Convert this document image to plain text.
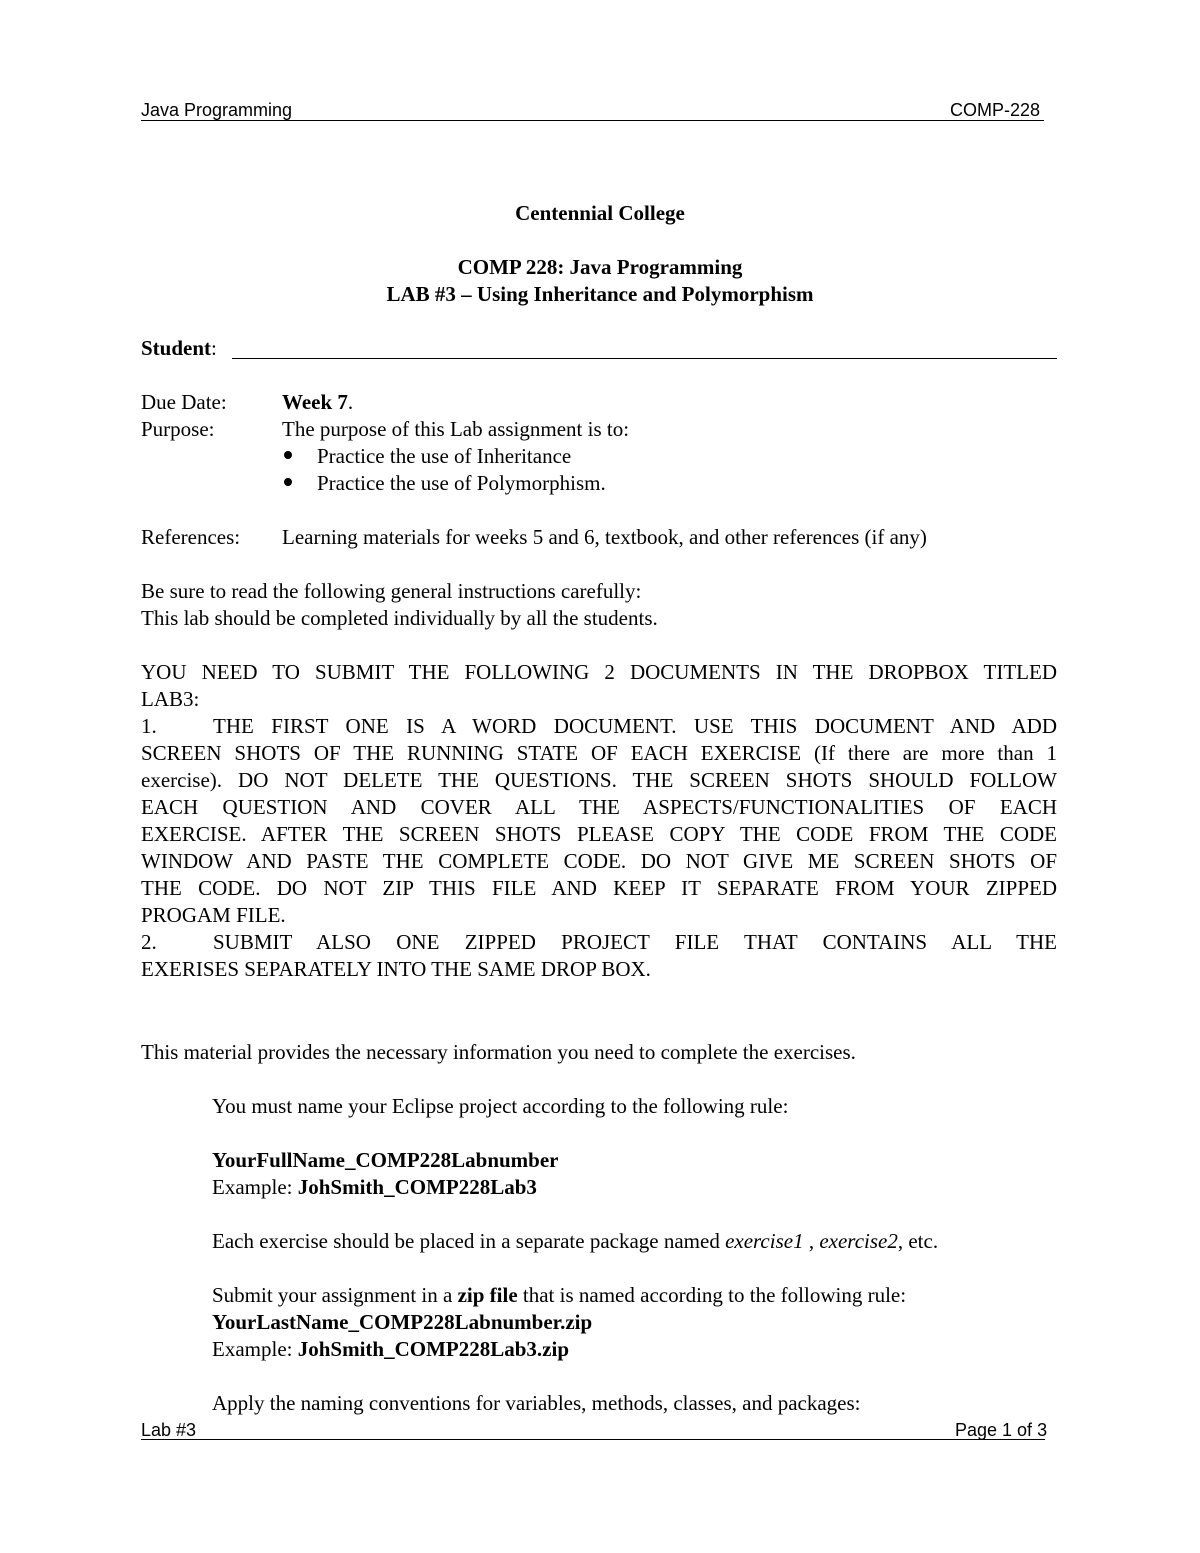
Java Programming	COMP-228
Centennial College
COMP 228: Java Programming
LAB #3 – Using Inheritance and Polymorphism
Student:
Due Date:	Week 7.
Purpose:	The purpose of this Lab assignment is to:
Practice the use of Inheritance
Practice the use of Polymorphism.
References: Learning materials for weeks 5 and 6, textbook, and other references (if any)
Be sure to read the following general instructions carefully:
This lab should be completed individually by all the students.
YOU NEED TO SUBMIT THE FOLLOWING 2 DOCUMENTS IN THE DROPBOX TITLED
LAB3:
1.	THE FIRST ONE IS A WORD DOCUMENT. USE THIS DOCUMENT AND ADD
SCREEN SHOTS OF THE RUNNING STATE OF EACH EXERCISE (If there are more than 1
exercise). DO NOT DELETE THE QUESTIONS. THE SCREEN SHOTS SHOULD FOLLOW
EACH QUESTION AND COVER ALL THE ASPECTS/FUNCTIONALITIES OF EACH
EXERCISE. AFTER THE SCREEN SHOTS PLEASE COPY THE CODE FROM THE CODE
WINDOW AND PASTE THE COMPLETE CODE. DO NOT GIVE ME SCREEN SHOTS OF
THE CODE. DO NOT ZIP THIS FILE AND KEEP IT SEPARATE FROM YOUR ZIPPED
PROGAM FILE.
2.	SUBMIT ALSO ONE ZIPPED PROJECT FILE THAT CONTAINS ALL THE
EXERISES SEPARATELY INTO THE SAME DROP BOX.
This material provides the necessary information you need to complete the exercises.
You must name your Eclipse project according to the following rule:
YourFullName_COMP228Labnumber
Example: JohSmith_COMP228Lab3
Each exercise should be placed in a separate package named exercise1 , exercise2, etc.
Submit your assignment in a zip file that is named according to the following rule:
YourLastName_COMP228Labnumber.zip
Example: JohSmith_COMP228Lab3.zip
Apply the naming conventions for variables, methods, classes, and packages:
Lab #3	Page 1 of 3
